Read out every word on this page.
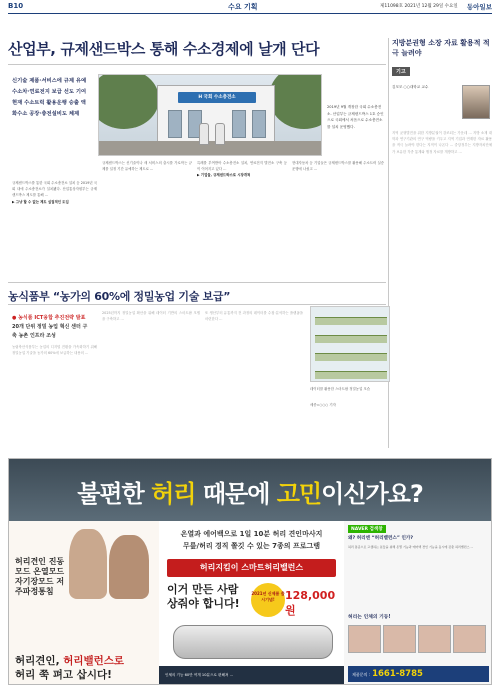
B10	수요 기획	제11098호 2021년 12월 29일 수요일 동아일보
산업부, 규제샌드박스 통해 수소경제에 날개 단다
신기술 제품·서비스에 규제 유예 수소차·연료전지 보급 선도 기여 현재 수소트럭 활용운행 승출 액화수소 공장·충전설비도 체제
H 국회 수소충전소
2019년 9월 개장한 국회 수소충전소. 산업부는 규제샌드박스 1호 승인으로 국회에서 처음으로 수소충전소를 설치 운영했다.
규제샌드박스를 통한 국회 수소충전소 설치 등 2019년 국회 내에 수소충전소가 설치됐다. 산업통상자원부는 규제샌드박스 제도를 통해 ...
▶ 그냥 할 수 없는 제도 실질적인 도입
규제샌드박스는 신기술이나 새 서비스의 출시를 가로막는 규제를 일정 기간 유예하는 제도로 ...
특례를 부여받아 수소충전소 설치, 연료전지 발전소 구축 등이 이어지고 있다 ...
▶ 기업들, 규제샌드박스로 시장개척
현대자동차 등 기업들은 규제샌드박스를 활용해 수소트럭 실증 운행에 나섰고 ...
지방분권형 소장 자료 활용적 적극 늘려야
기고
김모모 ○○대학교 교수
지역 균형발전을 위한 지방분권이 강조되는 가운데 ... 지방 소재 대학과 연구기관의 연구 역량을 키우고 지역 기업과 연계한 자료 활용을 적극 늘려야 한다는 지적이 나온다 ... 중앙정부는 지방자치단체가 보유한 각종 통계와 행정 자료를 개방하고 ...
농식품부 “농가의 60%에 정밀농업 기술 보급”
● 농식품 ICT융합 추진전략 발표
20개 단위 정밀 농업 혁신 센터 구축 농촌 인프라 조성
농림축산식품부는 농업의 디지털 전환을 가속화하기 위해 정밀농업 기술을 농가의 60%에 보급하는 내용의 ...
2025년까지 정밀농업 확산을 위해 데이터 기반의 스마트팜 모델을 구축하고 ...
또 생산부터 유통까지 전 과정의 데이터를 수집·분석하는 플랫폼을 마련한다 ...
데이터를 활용한 스마트팜 정밀농업 모습
세종=○○○ 기자
불편한 허리 때문에 고민이신가요?
허리견인 진동모드 온열모드 자기장모드 저주파정통침
허리견인, 허리밸런스로
허리 쭉 펴고 삽시다!
온열과 에어백으로 1일 10분 허리 견인마사지
무릎/허리 경직 쫄깃 수 있는 7종의 프로그램
허리지킴이 스마트허리밸런스
이거 만든 사람 상줘야 합니다!
2021년 신제품 출시기념! 128,000원
인체의 기능 60만 여개 10분으로 편해져 ...
NAVER 검색창
왜? 허리엔 “허리밸런스” 인가?
허리 통증으로 고생하는 분들을 위해 온열 기능과 에어백 견인 기능을 동시에 갖춘 허리밸런스 ...
허리는 인체의 기둥!
제품문의 : 1661-8785
